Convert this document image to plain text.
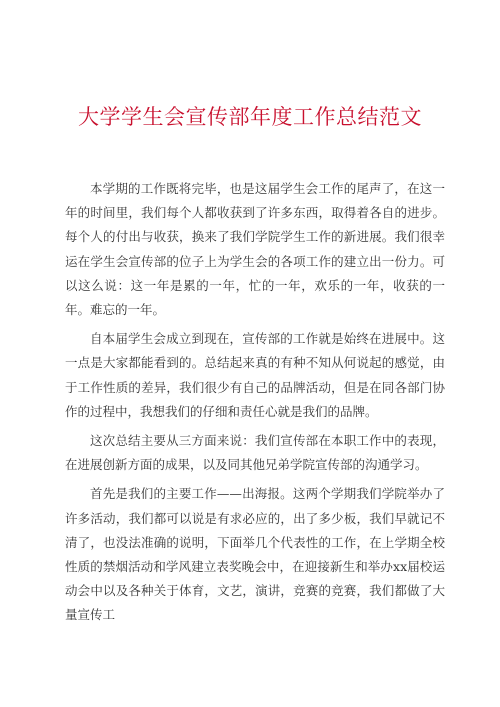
大学学生会宣传部年度工作总结范文

本学期的工作既将完毕，也是这届学生会工作的尾声了，在这一年的时间里，我们每个人都收获到了许多东西，取得着各自的进步。每个人的付出与收获，换来了我们学院学生工作的新进展。我们很幸运在学生会宣传部的位子上为学生会的各项工作的建立出一份力。可以这么说：这一年是累的一年，忙的一年，欢乐的一年，收获的一年。难忘的一年。

自本届学生会成立到现在，宣传部的工作就是始终在进展中。这一点是大家都能看到的。总结起来真的有种不知从何说起的感觉，由于工作性质的差异，我们很少有自己的品牌活动，但是在同各部门协作的过程中，我想我们的仔细和责任心就是我们的品牌。

这次总结主要从三方面来说：我们宣传部在本职工作中的表现，在进展创新方面的成果，以及同其他兄弟学院宣传部的沟通学习。

首先是我们的主要工作——出海报。这两个学期我们学院举办了许多活动，我们都可以说是有求必应的，出了多少板，我们早就记不清了，也没法准确的说明，下面举几个代表性的工作，在上学期全校性质的禁烟活动和学风建立表奖晚会中，在迎接新生和举办xx届校运动会中以及各种关于体育，文艺，演讲，竞赛的竞赛，我们都做了大量宣传工
